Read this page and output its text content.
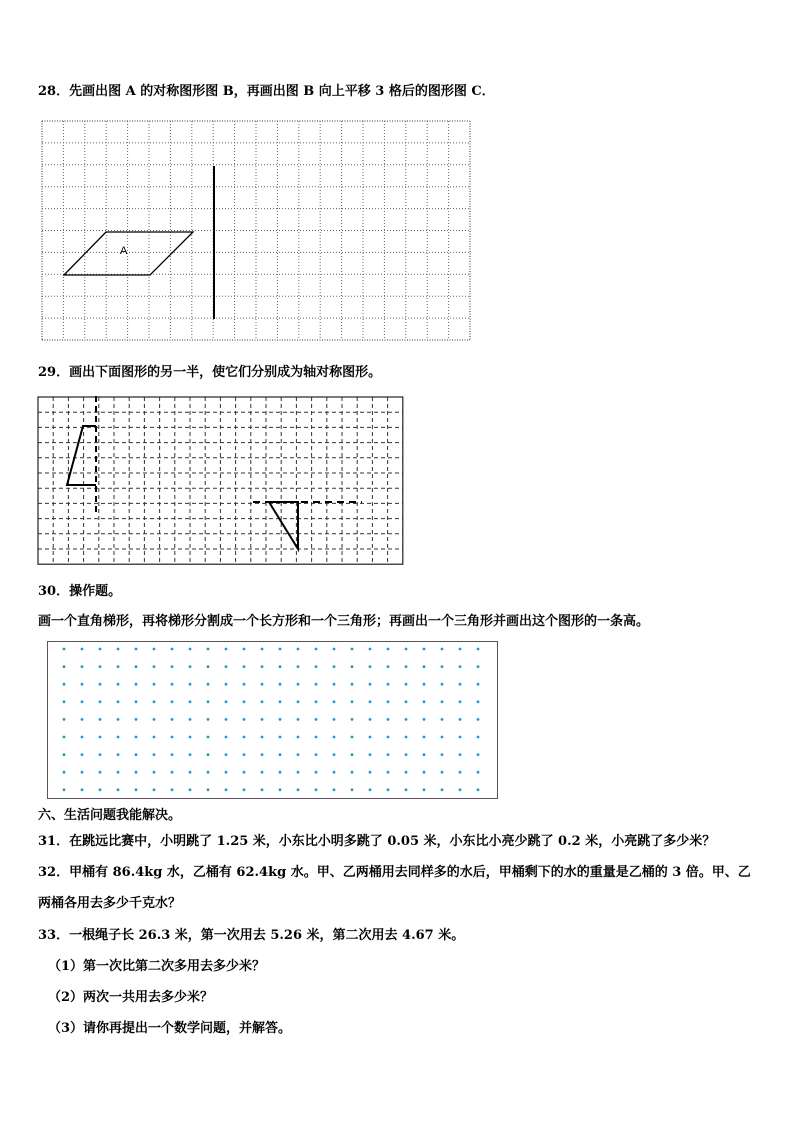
28．先画出图 A 的对称图形图 B，再画出图 B 向上平移 3 格后的图形图 C．
A
29．画出下面图形的另一半，使它们分别成为轴对称图形。
30．操作题。
画一个直角梯形，再将梯形分割成一个长方形和一个三角形；再画出一个三角形并画出这个图形的一条高。
六、生活问题我能解决。
31．在跳远比赛中，小明跳了 1.25 米，小东比小明多跳了 0.05 米，小东比小亮少跳了 0.2 米，小亮跳了多少米？
32．甲桶有 86.4kg 水，乙桶有 62.4kg 水。甲、乙两桶用去同样多的水后，甲桶剩下的水的重量是乙桶的 3 倍。甲、乙
两桶各用去多少千克水？
33．一根绳子长 26.3 米，第一次用去 5.26 米，第二次用去 4.67 米。
（1）第一次比第二次多用去多少米？
（2）两次一共用去多少米？
（3）请你再提出一个数学问题，并解答。
